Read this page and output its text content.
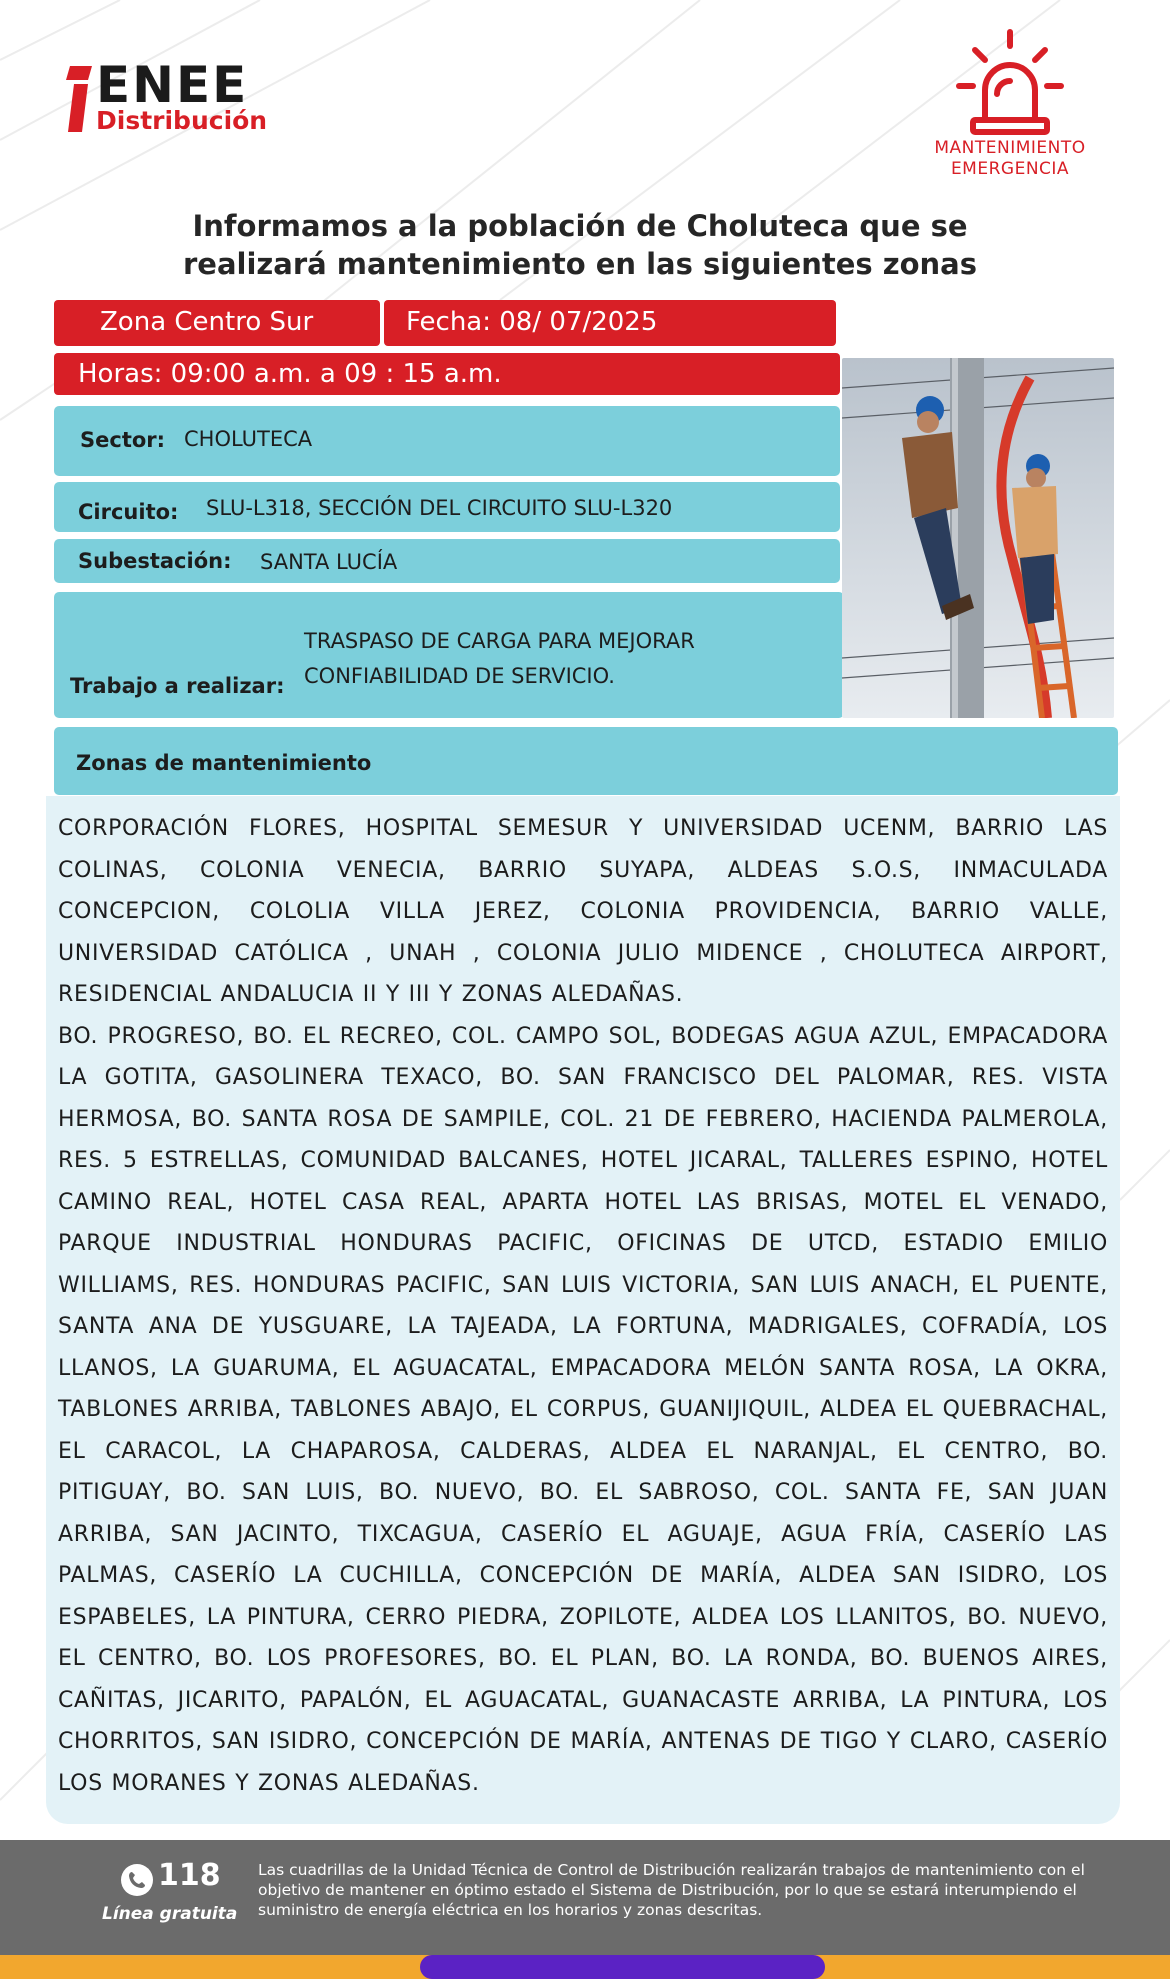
ENEE
Distribución
MANTENIMIENTO
EMERGENCIA
Informamos a la población de Choluteca que se
realizará mantenimiento en las siguientes zonas
Zona Centro Sur	Fecha: 08/ 07/2025
Horas: 09:00 a.m. a 09 : 15 a.m.
Sector: CHOLUTECA
Circuito: SLU-L318, SECCIÓN DEL CIRCUITO SLU-L320
Subestación: SANTA LUCÍA
Trabajo a realizar:
TRASPASO DE CARGA PARA MEJORAR
CONFIABILIDAD DE SERVICIO.
Zonas de mantenimiento

CORPORACIÓN FLORES, HOSPITAL SEMESUR Y UNIVERSIDAD UCENM, BARRIO LAS COLINAS, COLONIA VENECIA, BARRIO SUYAPA, ALDEAS S.O.S, INMACULADA CONCEPCION, COLOLIA VILLA JEREZ, COLONIA PROVIDENCIA, BARRIO VALLE, UNIVERSIDAD CATÓLICA , UNAH , COLONIA JULIO MIDENCE , CHOLUTECA AIRPORT, RESIDENCIAL ANDALUCIA II Y III Y ZONAS ALEDAÑAS.

BO. PROGRESO, BO. EL RECREO, COL. CAMPO SOL, BODEGAS AGUA AZUL, EMPACADORA LA GOTITA, GASOLINERA TEXACO, BO. SAN FRANCISCO DEL PALOMAR, RES. VISTA HERMOSA, BO. SANTA ROSA DE SAMPILE, COL. 21 DE FEBRERO, HACIENDA PALMEROLA, RES. 5 ESTRELLAS, COMUNIDAD BALCANES, HOTEL JICARAL, TALLERES ESPINO, HOTEL CAMINO REAL, HOTEL CASA REAL, APARTA HOTEL LAS BRISAS, MOTEL EL VENADO, PARQUE INDUSTRIAL HONDURAS PACIFIC, OFICINAS DE UTCD, ESTADIO EMILIO WILLIAMS, RES. HONDURAS PACIFIC, SAN LUIS VICTORIA, SAN LUIS ANACH, EL PUENTE, SANTA ANA DE YUSGUARE, LA TAJEADA, LA FORTUNA, MADRIGALES, COFRADÍA, LOS LLANOS, LA GUARUMA, EL AGUACATAL, EMPACADORA MELÓN SANTA ROSA, LA OKRA, TABLONES ARRIBA, TABLONES ABAJO, EL CORPUS, GUANIJIQUIL, ALDEA EL QUEBRACHAL, EL CARACOL, LA CHAPAROSA, CALDERAS, ALDEA EL NARANJAL, EL CENTRO, BO. PITIGUAY, BO. SAN LUIS, BO. NUEVO, BO. EL SABROSO, COL. SANTA FE, SAN JUAN ARRIBA, SAN JACINTO, TIXCAGUA, CASERÍO EL AGUAJE, AGUA FRÍA, CASERÍO LAS PALMAS, CASERÍO LA CUCHILLA, CONCEPCIÓN DE MARÍA, ALDEA SAN ISIDRO, LOS ESPABELES, LA PINTURA, CERRO PIEDRA, ZOPILOTE, ALDEA LOS LLANITOS, BO. NUEVO, EL CENTRO, BO. LOS PROFESORES, BO. EL PLAN, BO. LA RONDA, BO. BUENOS AIRES, CAÑITAS, JICARITO, PAPALÓN, EL AGUACATAL, GUANACASTE ARRIBA, LA PINTURA, LOS CHORRITOS, SAN ISIDRO, CONCEPCIÓN DE MARÍA, ANTENAS DE TIGO Y CLARO, CASERÍO LOS MORANES Y ZONAS ALEDAÑAS.

118
Línea gratuita
Las cuadrillas de la Unidad Técnica de Control de Distribución realizarán trabajos de mantenimiento con el objetivo de mantener en óptimo estado el Sistema de Distribución, por lo que se estará interumpiendo el suministro de energía eléctrica en los horarios y zonas descritas.
